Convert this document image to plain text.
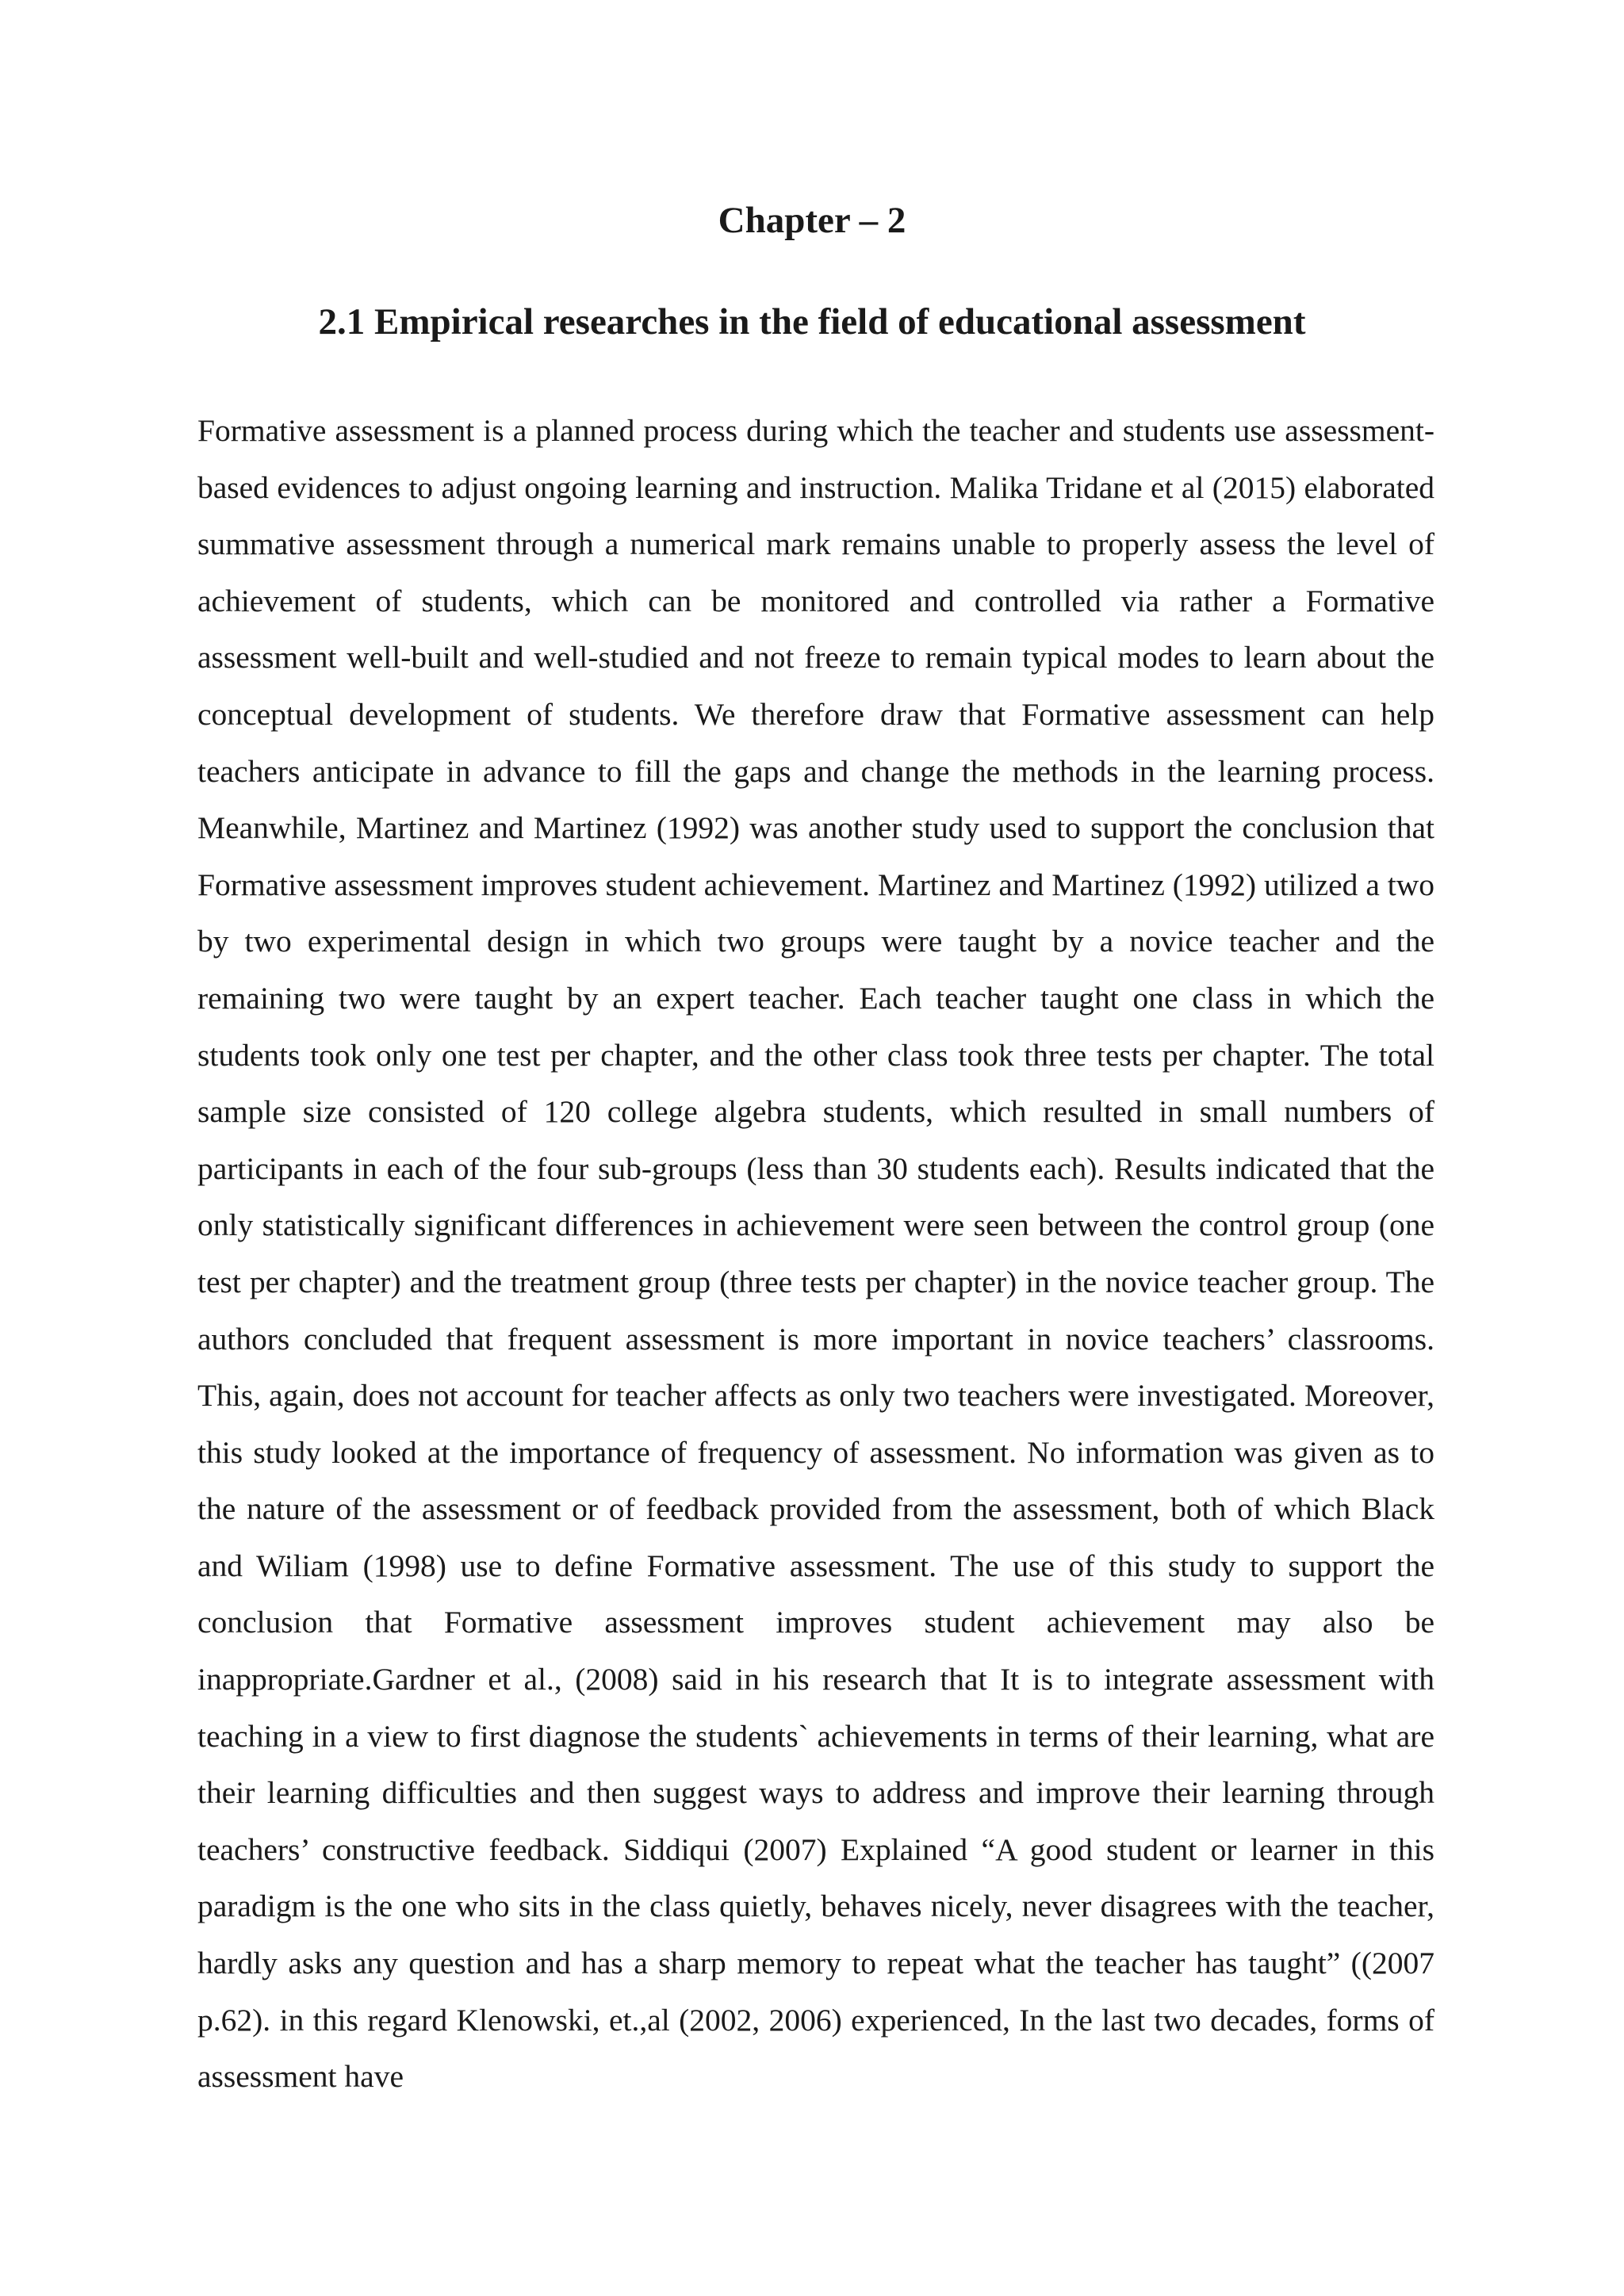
Chapter – 2
2.1 Empirical researches in the field of educational assessment

Formative assessment is a planned process during which the teacher and students use assessment-based evidences to adjust ongoing learning and instruction. Malika Tridane et al (2015) elaborated summative assessment through a numerical mark remains unable to properly assess the level of achievement of students, which can be monitored and controlled via rather a Formative assessment well-built and well-studied and not freeze to remain typical modes to learn about the conceptual development of students. We therefore draw that Formative assessment can help teachers anticipate in advance to fill the gaps and change the methods in the learning process. Meanwhile, Martinez and Martinez (1992) was another study used to support the conclusion that Formative assessment improves student achievement. Martinez and Martinez (1992) utilized a two by two experimental design in which two groups were taught by a novice teacher and the remaining two were taught by an expert teacher. Each teacher taught one class in which the students took only one test per chapter, and the other class took three tests per chapter. The total sample size consisted of 120 college algebra students, which resulted in small numbers of participants in each of the four sub-groups (less than 30 students each). Results indicated that the only statistically significant differences in achievement were seen between the control group (one test per chapter) and the treatment group (three tests per chapter) in the novice teacher group. The authors concluded that frequent assessment is more important in novice teachers’ classrooms. This, again, does not account for teacher affects as only two teachers were investigated. Moreover, this study looked at the importance of frequency of assessment. No information was given as to the nature of the assessment or of feedback provided from the assessment, both of which Black and Wiliam (1998) use to define Formative assessment. The use of this study to support the conclusion that Formative assessment improves student achievement may also be inappropriate.Gardner et al., (2008) said in his research that It is to integrate assessment with teaching in a view to first diagnose the students` achievements in terms of their learning, what are their learning difficulties and then suggest ways to address and improve their learning through teachers’ constructive feedback. Siddiqui (2007) Explained “A good student or learner in this paradigm is the one who sits in the class quietly, behaves nicely, never disagrees with the teacher, hardly asks any question and has a sharp memory to repeat what the teacher has taught” ((2007 p.62). in this regard Klenowski, et.,al (2002, 2006) experienced, In the last two decades, forms of assessment have
